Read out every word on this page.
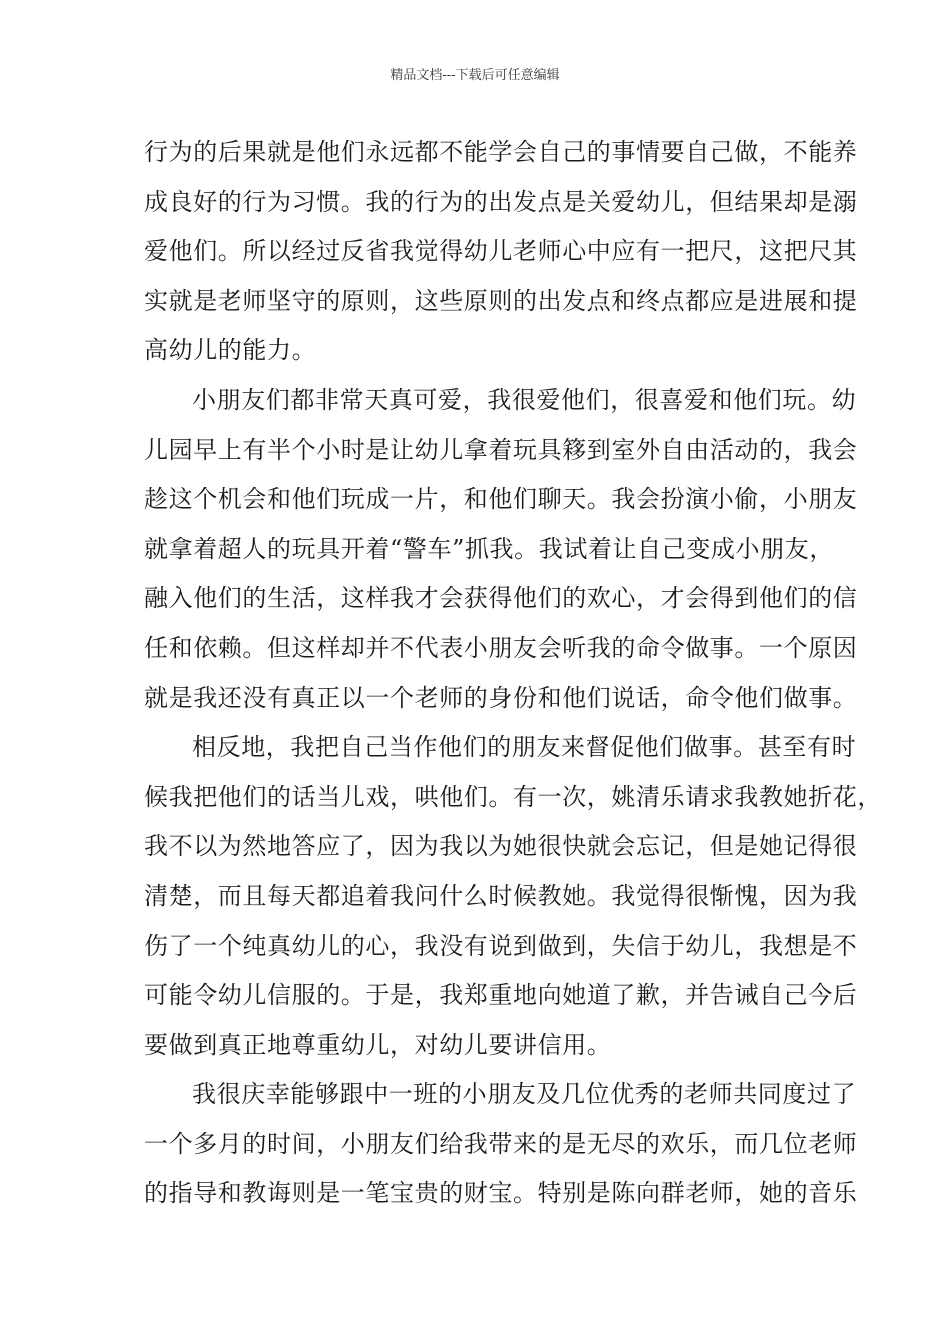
精品文档---下载后可任意编辑
行为的后果就是他们永远都不能学会自己的事情要自己做，不能养
成良好的行为习惯。我的行为的出发点是关爱幼儿，但结果却是溺
爱他们。所以经过反省我觉得幼儿老师心中应有一把尺，这把尺其
实就是老师坚守的原则，这些原则的出发点和终点都应是进展和提
高幼儿的能力。
小朋友们都非常天真可爱，我很爱他们，很喜爱和他们玩。幼
儿园早上有半个小时是让幼儿拿着玩具簃到室外自由活动的，我会
趁这个机会和他们玩成一片，和他们聊天。我会扮演小偷，小朋友
就拿着超人的玩具开着“警车”抓我。我试着让自己变成小朋友，
融入他们的生活，这样我才会获得他们的欢心，才会得到他们的信
任和依赖。但这样却并不代表小朋友会听我的命令做事。一个原因
就是我还没有真正以一个老师的身份和他们说话，命令他们做事。
相反地，我把自己当作他们的朋友来督促他们做事。甚至有时
候我把他们的话当儿戏，哄他们。有一次，姚清乐请求我教她折花，
我不以为然地答应了，因为我以为她很快就会忘记，但是她记得很
清楚，而且每天都追着我问什么时候教她。我觉得很惭愧，因为我
伤了一个纯真幼儿的心，我没有说到做到，失信于幼儿，我想是不
可能令幼儿信服的。于是，我郑重地向她道了歉，并告诫自己今后
要做到真正地尊重幼儿，对幼儿要讲信用。
我很庆幸能够跟中一班的小朋友及几位优秀的老师共同度过了
一个多月的时间，小朋友们给我带来的是无尽的欢乐，而几位老师
的指导和教诲则是一笔宝贵的财宝。特别是陈向群老师，她的音乐
